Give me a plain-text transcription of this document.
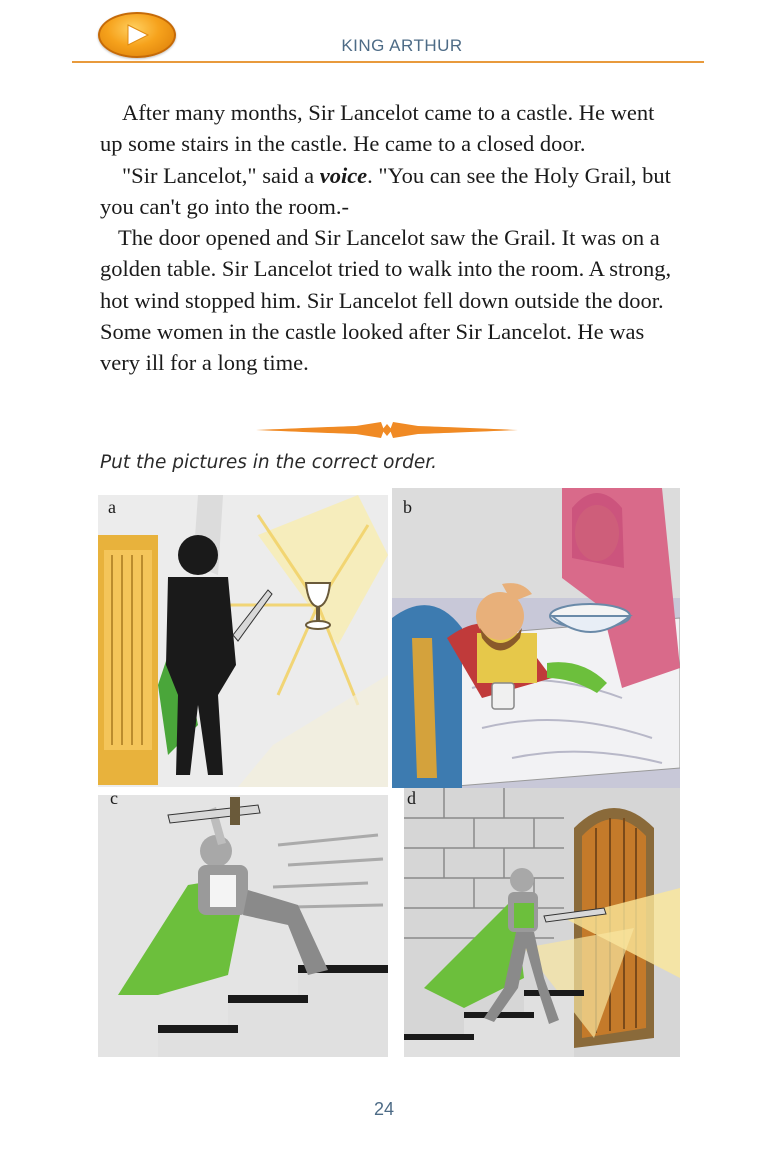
KING ARTHUR

After many months, Sir Lancelot came to a castle. He went up some stairs in the castle. He came to a closed door.

"Sir Lancelot," said a voice. "You can see the Holy Grail, but you can't go into the room.-

The door opened and Sir Lancelot saw the Grail. It was on a golden table. Sir Lancelot tried to walk into the room. A strong, hot wind stopped him. Sir Lancelot fell down outside the door. Some women in the castle looked after Sir Lancelot. He was very ill for a long time.

Put the pictures in the correct order.
a	b
c	d
24
